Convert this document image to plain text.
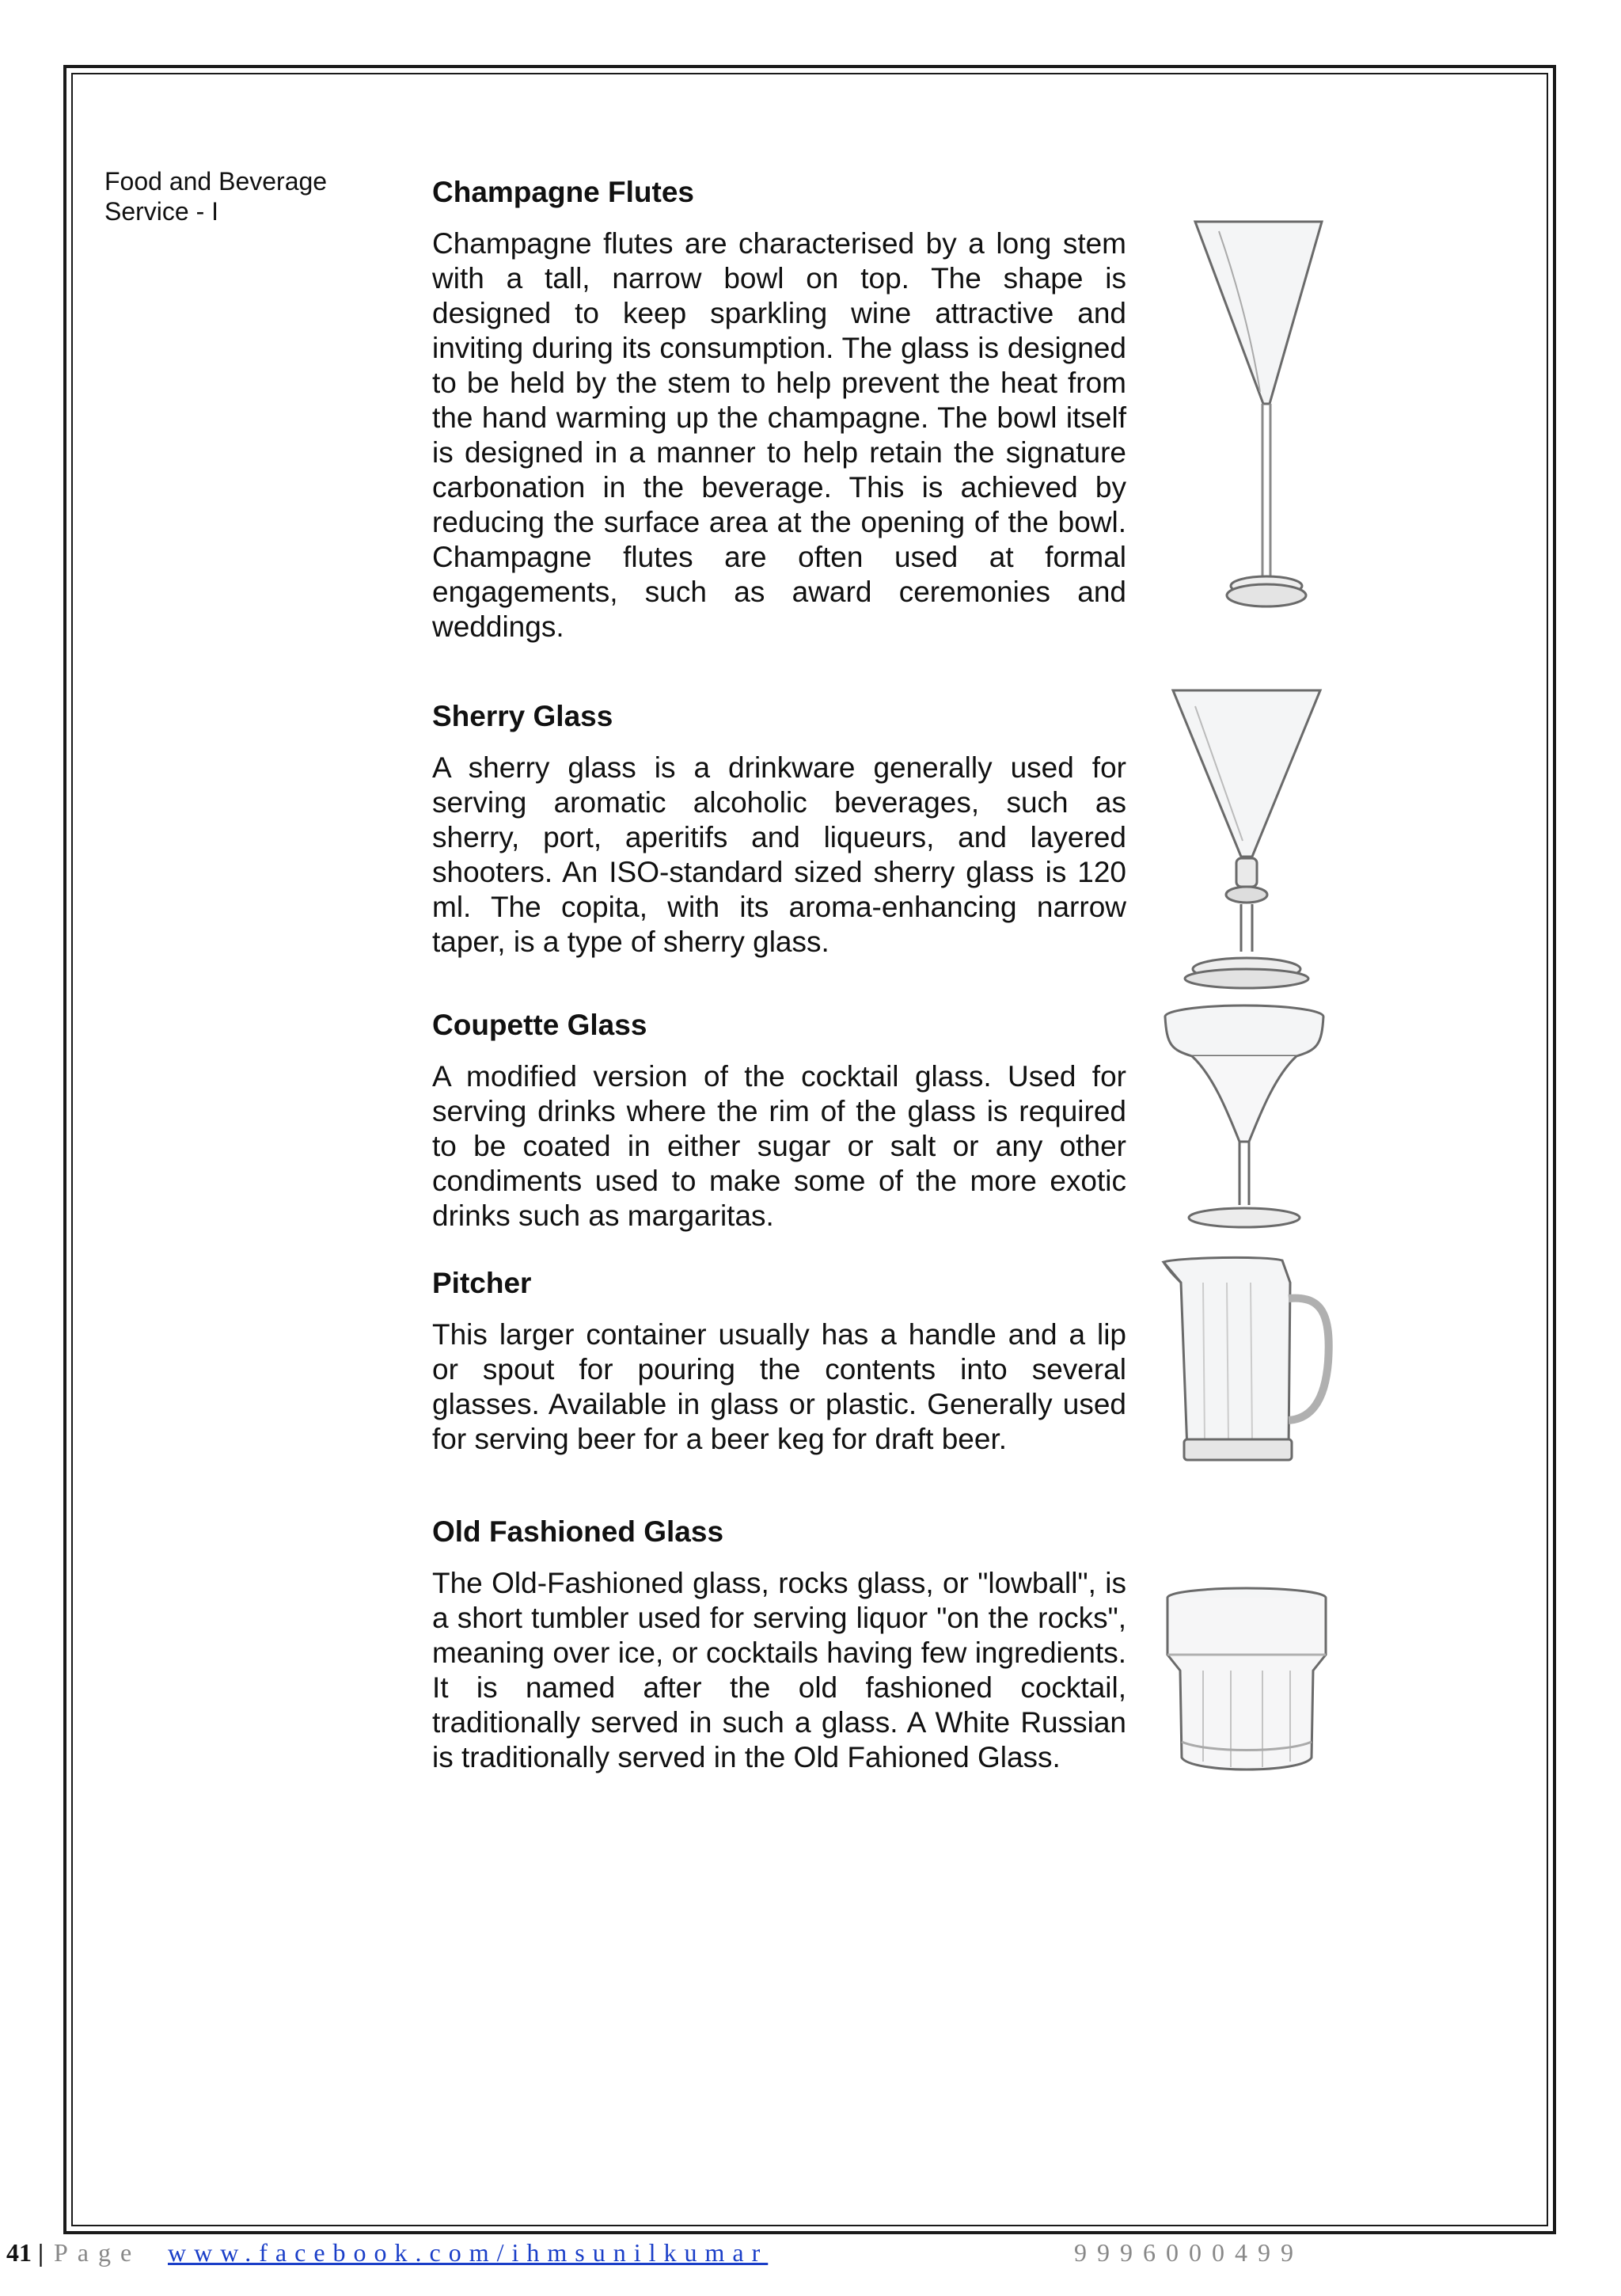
Food and Beverage Service - I
Champagne Flutes

Champagne flutes are characterised by a long stem with a tall, narrow bowl on top. The shape is designed to keep sparkling wine attractive and inviting during its consumption. The glass is designed to be held by the stem to help prevent the heat from the hand warming up the champagne. The bowl itself is designed in a manner to help retain the signature carbonation in the beverage. This is achieved by reducing the surface area at the opening of the bowl. Champagne flutes are often used at formal engagements, such as award ceremonies and weddings.

Sherry Glass

A sherry glass is a drinkware generally used for serving aromatic alcoholic beverages, such as sherry, port, aperitifs and liqueurs, and layered shooters. An ISO-standard sized sherry glass is 120 ml. The copita, with its aroma-enhancing narrow taper, is a type of sherry glass.

Coupette Glass

A modified version of the cocktail glass. Used for serving drinks where the rim of the glass is required to be coated in either sugar or salt or any other condiments used to make some of the more exotic drinks such as margaritas.

Pitcher

This larger container usually has a handle and a lip or spout for pouring the contents into several glasses. Available in glass or plastic. Generally used for serving beer for a beer keg for draft beer.

Old Fashioned Glass

The Old-Fashioned glass, rocks glass, or "lowball", is a short tumbler used for serving liquor "on the rocks", meaning over ice, or cocktails having few ingredients. It is named after the old fashioned cocktail, traditionally served in such a glass. A White Russian is traditionally served in the Old Fahioned Glass.

41 | Page www.facebook.com/ihmsunilkumar	9996000499
